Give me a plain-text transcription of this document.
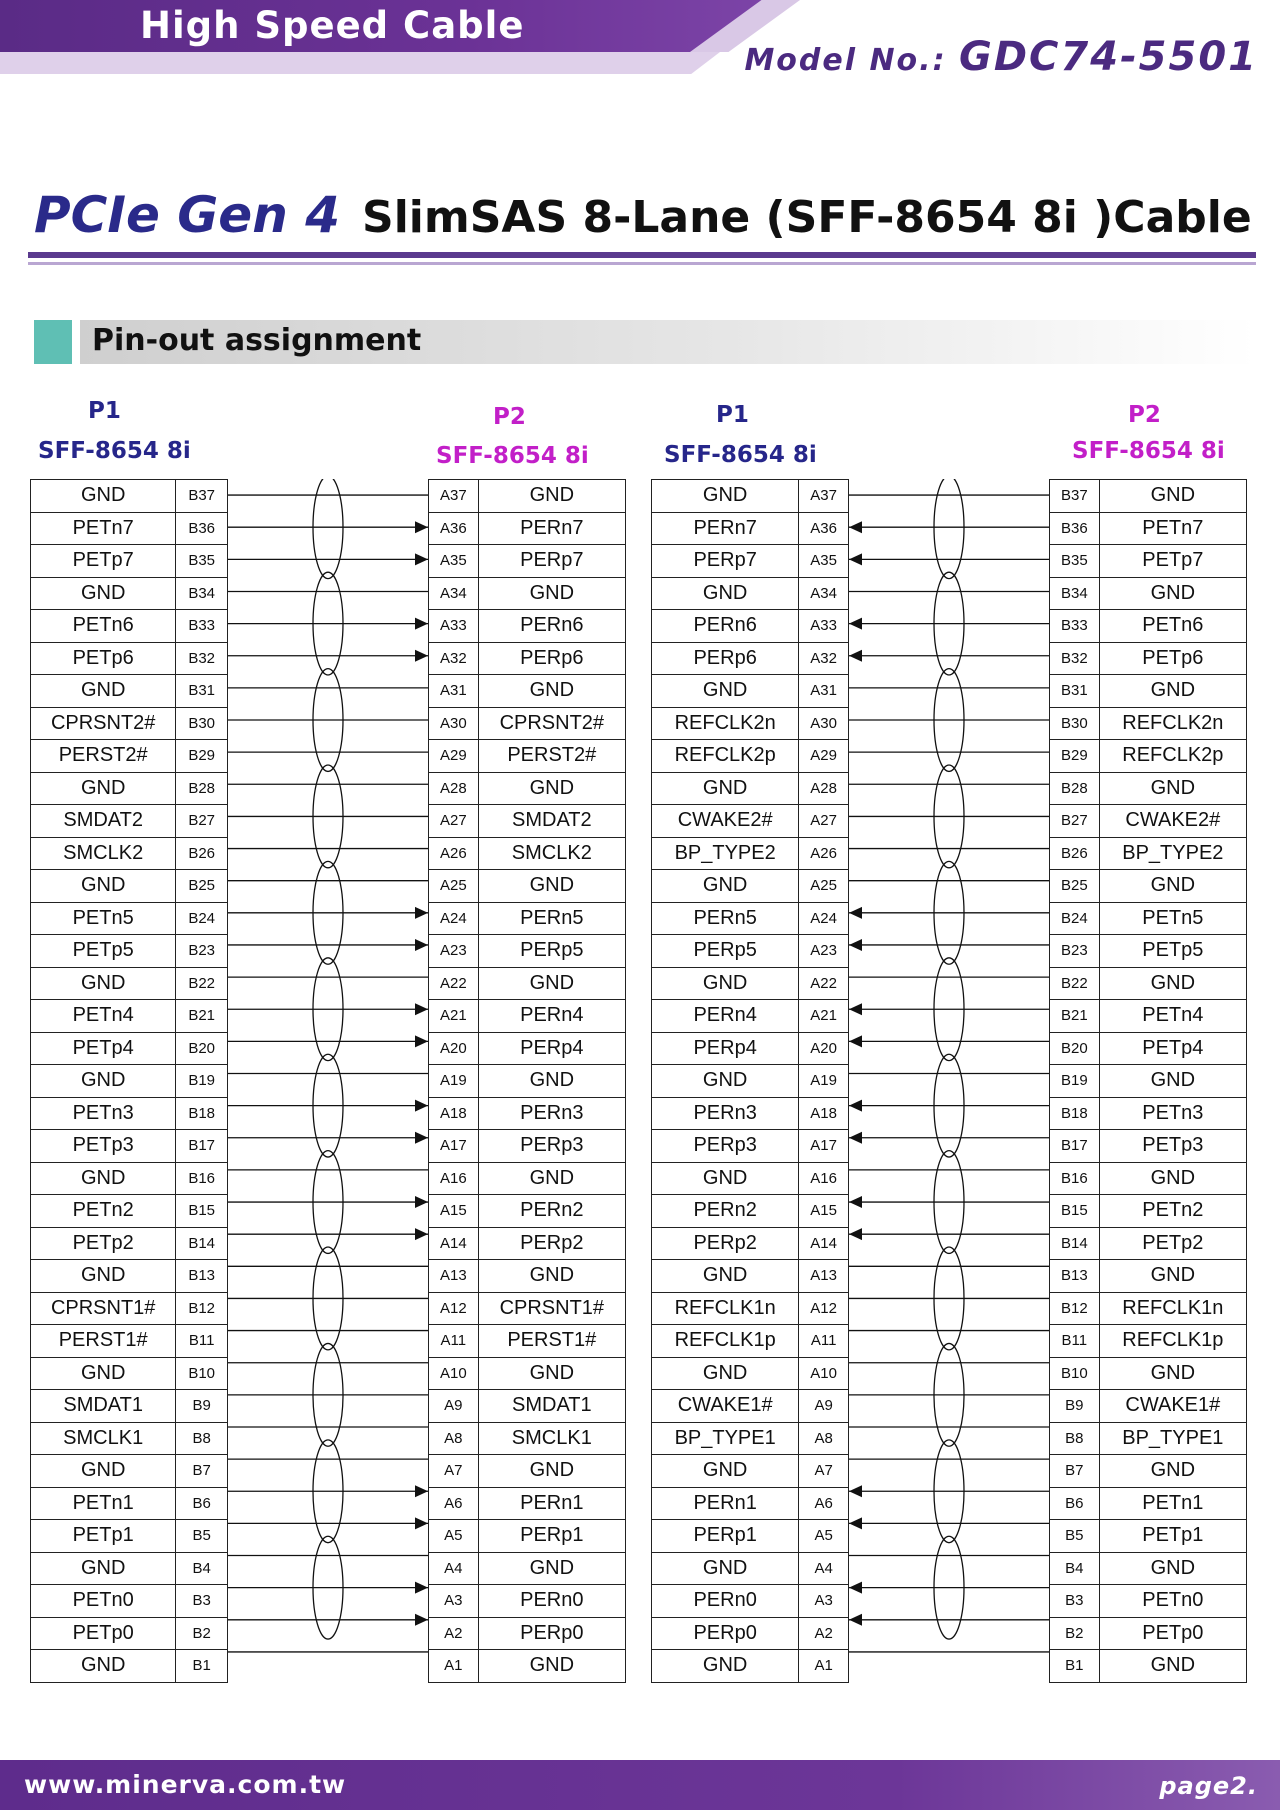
High Speed Cable
Model No.: GDC74-5501
PCIe Gen 4 SlimSAS 8-Lane (SFF-8654 8i )Cable
Pin-out assignment
P1
SFF-8654 8i
P2
SFF-8654 8i
P1
SFF-8654 8i
P2
SFF-8654 8i
GND	B37
PETn7	B36
PETp7	B35
GND	B34
PETn6	B33
PETp6	B32
GND	B31
CPRSNT2#	B30
PERST2#	B29
GND	B28
SMDAT2	B27
SMCLK2	B26
GND	B25
PETn5	B24
PETp5	B23
GND	B22
PETn4	B21
PETp4	B20
GND	B19
PETn3	B18
PETp3	B17
GND	B16
PETn2	B15
PETp2	B14
GND	B13
CPRSNT1#	B12
PERST1#	B11
GND	B10
SMDAT1	B9
SMCLK1	B8
GND	B7
PETn1	B6
PETp1	B5
GND	B4
PETn0	B3
PETp0	B2
GND	B1
A37	GND
A36	PERn7
A35	PERp7
A34	GND
A33	PERn6
A32	PERp6
A31	GND
A30	CPRSNT2#
A29	PERST2#
A28	GND
A27	SMDAT2
A26	SMCLK2
A25	GND
A24	PERn5
A23	PERp5
A22	GND
A21	PERn4
A20	PERp4
A19	GND
A18	PERn3
A17	PERp3
A16	GND
A15	PERn2
A14	PERp2
A13	GND
A12	CPRSNT1#
A11	PERST1#
A10	GND
A9	SMDAT1
A8	SMCLK1
A7	GND
A6	PERn1
A5	PERp1
A4	GND
A3	PERn0
A2	PERp0
A1	GND
GND	A37
PERn7	A36
PERp7	A35
GND	A34
PERn6	A33
PERp6	A32
GND	A31
REFCLK2n	A30
REFCLK2p	A29
GND	A28
CWAKE2#	A27
BP_TYPE2	A26
GND	A25
PERn5	A24
PERp5	A23
GND	A22
PERn4	A21
PERp4	A20
GND	A19
PERn3	A18
PERp3	A17
GND	A16
PERn2	A15
PERp2	A14
GND	A13
REFCLK1n	A12
REFCLK1p	A11
GND	A10
CWAKE1#	A9
BP_TYPE1	A8
GND	A7
PERn1	A6
PERp1	A5
GND	A4
PERn0	A3
PERp0	A2
GND	A1
B37	GND
B36	PETn7
B35	PETp7
B34	GND
B33	PETn6
B32	PETp6
B31	GND
B30	REFCLK2n
B29	REFCLK2p
B28	GND
B27	CWAKE2#
B26	BP_TYPE2
B25	GND
B24	PETn5
B23	PETp5
B22	GND
B21	PETn4
B20	PETp4
B19	GND
B18	PETn3
B17	PETp3
B16	GND
B15	PETn2
B14	PETp2
B13	GND
B12	REFCLK1n
B11	REFCLK1p
B10	GND
B9	CWAKE1#
B8	BP_TYPE1
B7	GND
B6	PETn1
B5	PETp1
B4	GND
B3	PETn0
B2	PETp0
B1	GND
www.minerva.com.tw	page2.
